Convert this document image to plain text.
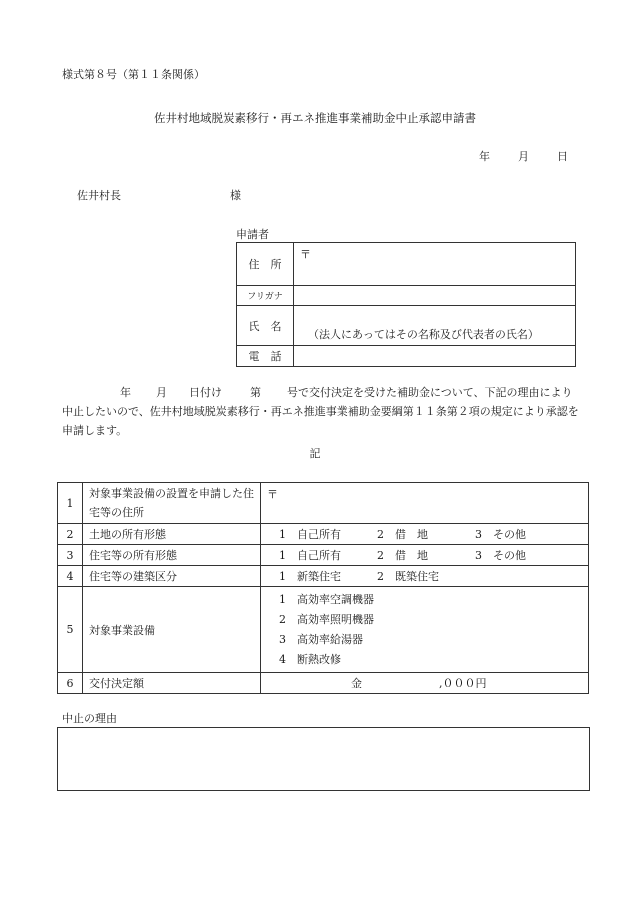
様式第８号（第１１条関係）
佐井村地域脱炭素移行・再エネ推進事業補助金中止承認申請書
年	月	日
佐井村長	様
申請者
住　所	〒
フリガナ	
氏　名	（法人にあってはその名称及び代表者の氏名）
電　話	
年 月 日付け	第 号で交付決定を受けた補助金について、下記の理由により中止したいので、佐井村地域脱炭素移行・再エネ推進事業補助金要綱第１１条第２項の規定により承認を申請します。
記
1	対象事業設備の設置を申請した住宅等の住所	〒
2	土地の所有形態	1　自己所有 2　借　地 3　その他
3	住宅等の所有形態	1　自己所有 2　借　地 3　その他
4	住宅等の建築区分	1　新築住宅 2　既築住宅
5	対象事業設備	1　高効率空調機器
2　高効率照明機器
3　高効率給湯器
4　断熱改修

6	交付決定額	金 ,０００円
中止の理由
